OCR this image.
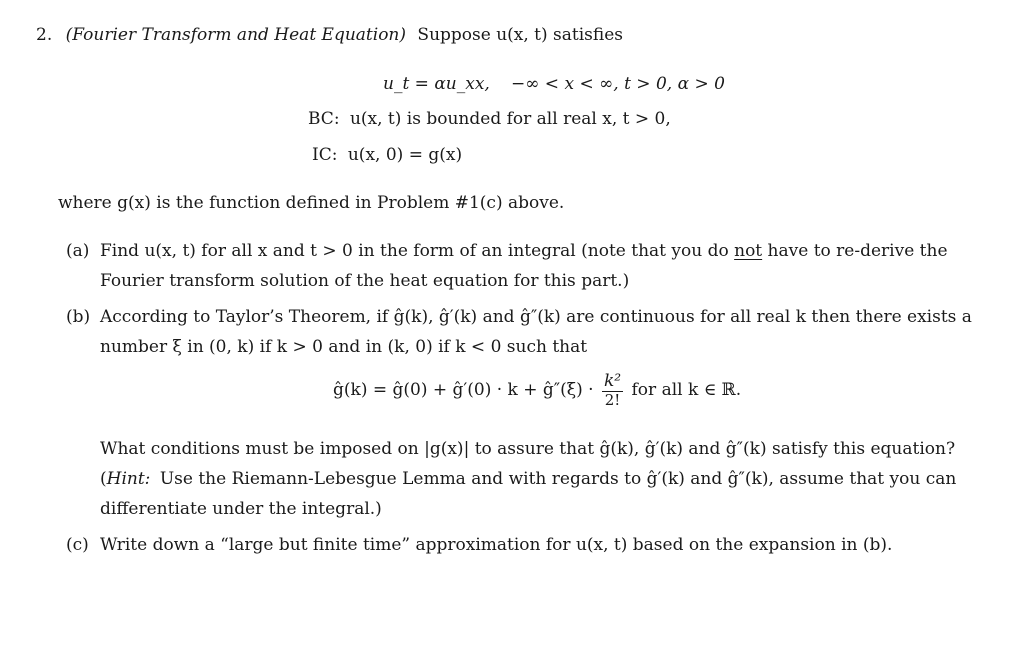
2. (Fourier Transform and Heat Equation) Suppose u(x, t) satisfies
u_t = αu_xx, −∞ < x < ∞, t > 0, α > 0
BC: u(x, t) is bounded for all real x, t > 0,
IC: u(x, 0) = g(x)
where g(x) is the function defined in Problem #1(c) above.
(a) Find u(x, t) for all x and t > 0 in the form of an integral (note that you do not have to re-derive the
Fourier transform solution of the heat equation for this part.)
(b) According to Taylor’s Theorem, if ĝ(k), ĝ′(k) and ĝ″(k) are continuous for all real k then there exists a
number ξ in (0, k) if k > 0 and in (k, 0) if k < 0 such that
ĝ(k) = ĝ(0) + ĝ′(0) · k + ĝ″(ξ) · $\frac{\text{k²}}{2!}$ for all k ∈ ℝ.
What conditions must be imposed on |g(x)| to assure that ĝ(k), ĝ′(k) and ĝ″(k) satisfy this equation?
(Hint: Use the Riemann-Lebesgue Lemma and with regards to ĝ′(k) and ĝ″(k), assume that you can
differentiate under the integral.)
(c) Write down a “large but finite time” approximation for u(x, t) based on the expansion in (b).
